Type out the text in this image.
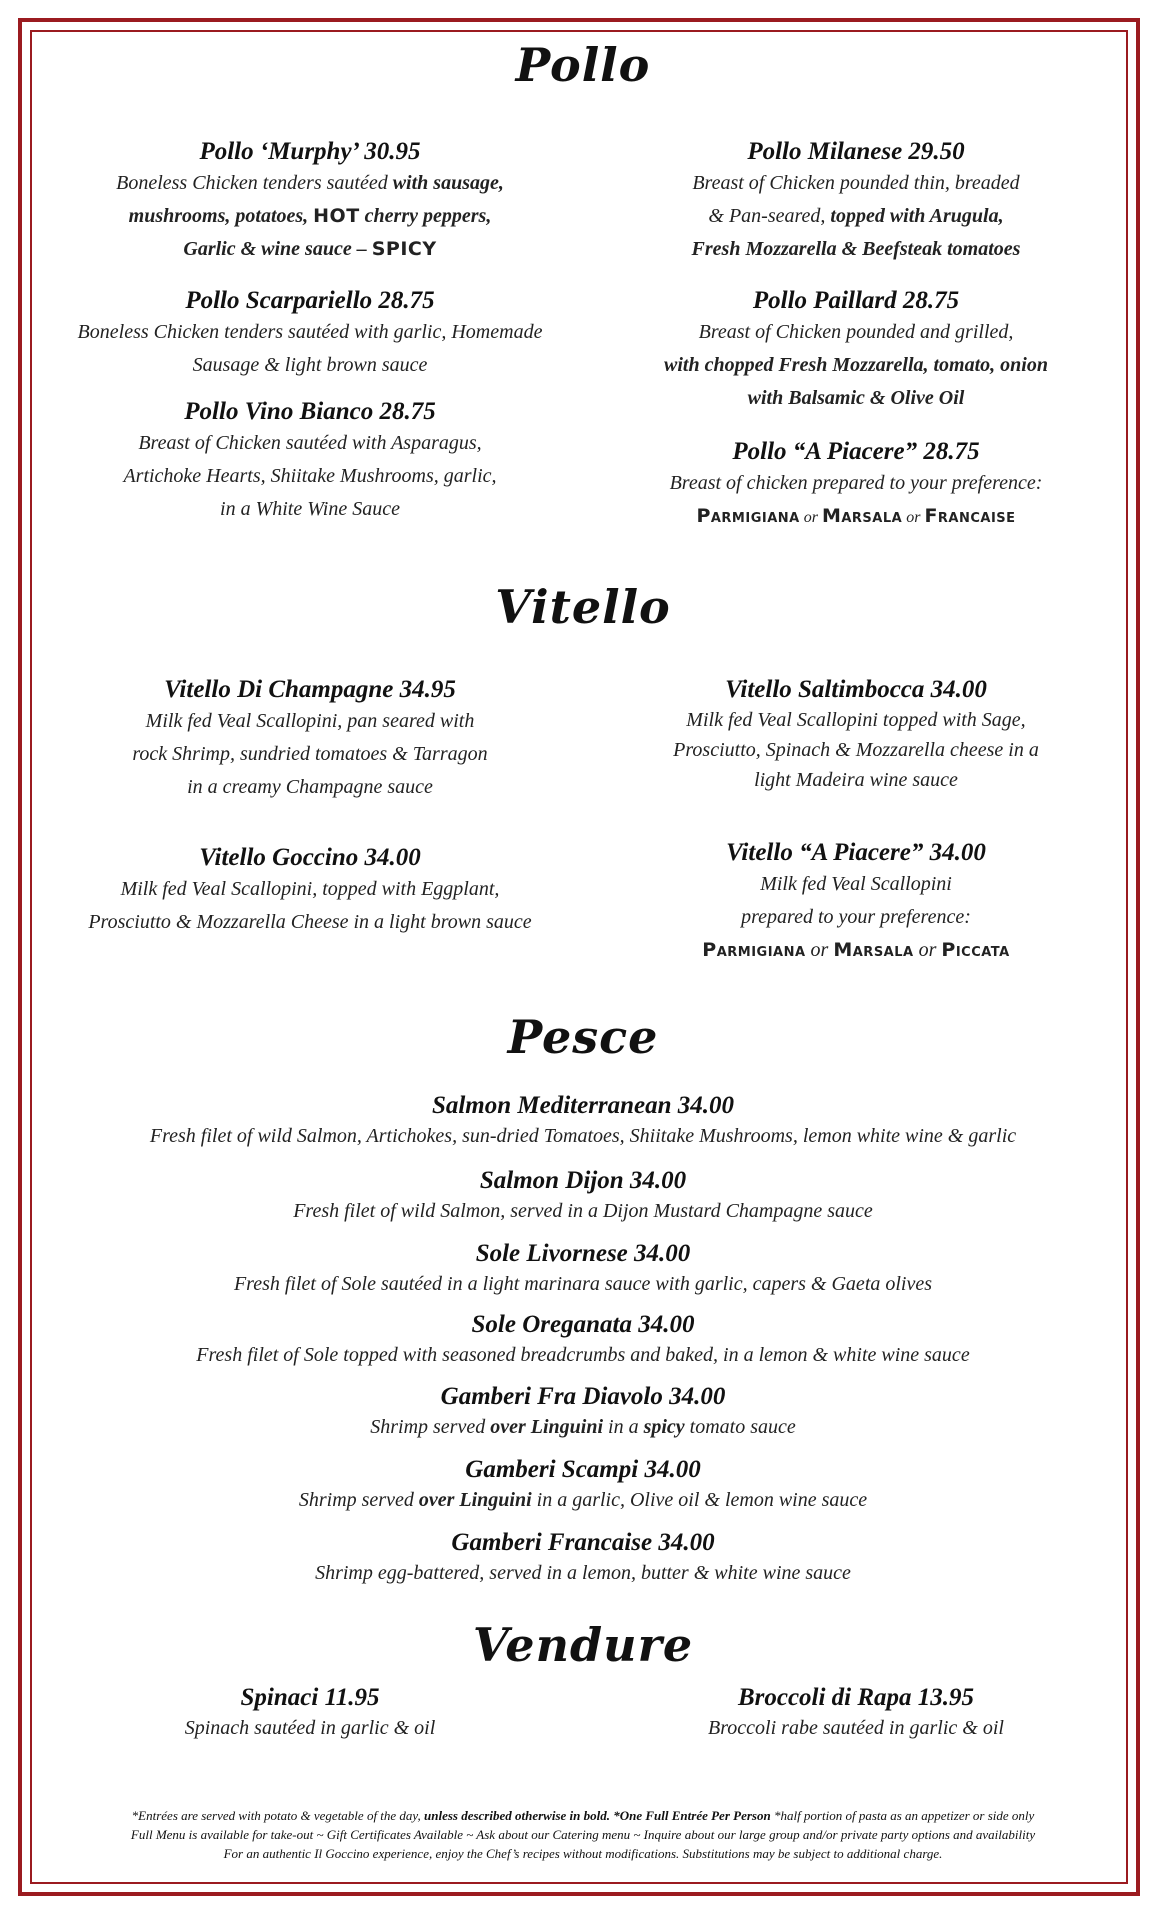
Pollo
Pollo ‘Murphy’ 30.95
Boneless Chicken tenders sautéed with sausage,
mushrooms, potatoes, HOT cherry peppers,
Garlic & wine sauce – SPICY
Pollo Milanese 29.50
Breast of Chicken pounded thin, breaded
& Pan-seared, topped with Arugula,
Fresh Mozzarella & Beefsteak tomatoes
Pollo Scarpariello 28.75
Boneless Chicken tenders sautéed with garlic, Homemade
Sausage & light brown sauce
Pollo Paillard 28.75
Breast of Chicken pounded and grilled,
with chopped Fresh Mozzarella, tomato, onion
with Balsamic & Olive Oil
Pollo Vino Bianco 28.75
Breast of Chicken sautéed with Asparagus,
Artichoke Hearts, Shiitake Mushrooms, garlic,
in a White Wine Sauce
Pollo “A Piacere” 28.75
Breast of chicken prepared to your preference:
Parmigiana or Marsala or Francaise
Vitello
Vitello Di Champagne 34.95
Milk fed Veal Scallopini, pan seared with
rock Shrimp, sundried tomatoes & Tarragon
in a creamy Champagne sauce
Vitello Saltimbocca 34.00
Milk fed Veal Scallopini topped with Sage,
Prosciutto, Spinach & Mozzarella cheese in a
light Madeira wine sauce
Vitello Goccino 34.00
Milk fed Veal Scallopini, topped with Eggplant,
Prosciutto & Mozzarella Cheese in a light brown sauce
Vitello “A Piacere” 34.00
Milk fed Veal Scallopini
prepared to your preference:
Parmigiana or Marsala or Piccata
Pesce
Salmon Mediterranean 34.00
Fresh filet of wild Salmon, Artichokes, sun-dried Tomatoes, Shiitake Mushrooms, lemon white wine & garlic
Salmon Dijon 34.00
Fresh filet of wild Salmon, served in a Dijon Mustard Champagne sauce
Sole Livornese 34.00
Fresh filet of Sole sautéed in a light marinara sauce with garlic, capers & Gaeta olives
Sole Oreganata 34.00
Fresh filet of Sole topped with seasoned breadcrumbs and baked, in a lemon & white wine sauce
Gamberi Fra Diavolo 34.00
Shrimp served over Linguini in a spicy tomato sauce
Gamberi Scampi 34.00
Shrimp served over Linguini in a garlic, Olive oil & lemon wine sauce
Gamberi Francaise 34.00
Shrimp egg-battered, served in a lemon, butter & white wine sauce
Vendure
Spinaci 11.95
Spinach sautéed in garlic & oil
Broccoli di Rapa 13.95
Broccoli rabe sautéed in garlic & oil
*Entrées are served with potato & vegetable of the day, unless described otherwise in bold. *One Full Entrée Per Person *half portion of pasta as an appetizer or side only
Full Menu is available for take-out ~ Gift Certificates Available ~ Ask about our Catering menu ~ Inquire about our large group and/or private party options and availability
For an authentic Il Goccino experience, enjoy the Chef’s recipes without modifications. Substitutions may be subject to additional charge.
